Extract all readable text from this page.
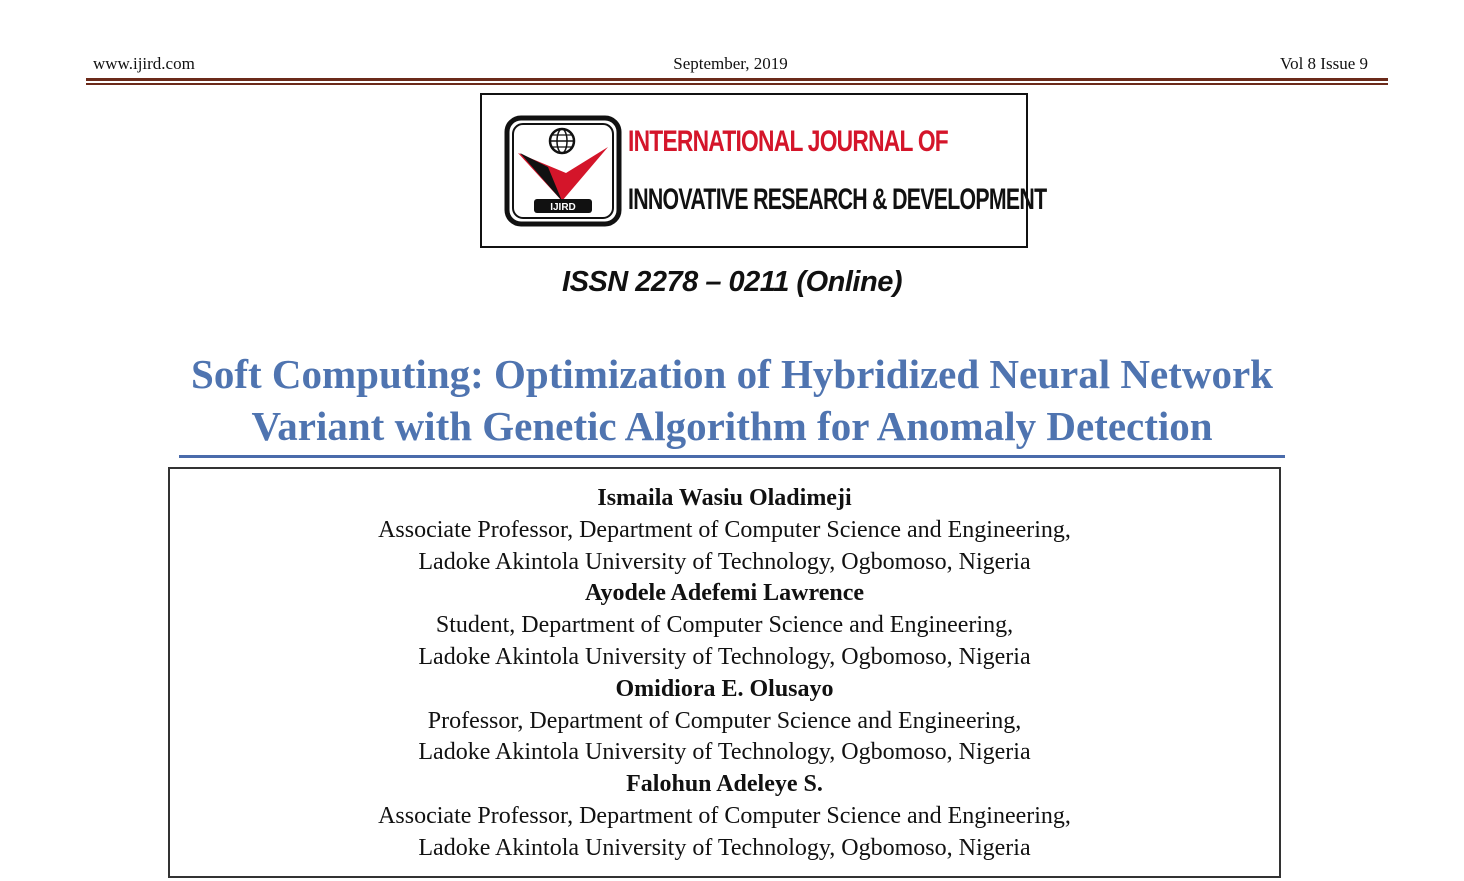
www.ijird.com	September, 2019	Vol 8 Issue 9
IJIRD
INTERNATIONAL JOURNAL OF
INNOVATIVE RESEARCH & DEVELOPMENT
ISSN 2278 – 0211 (Online)
Soft Computing: Optimization of Hybridized Neural Network
Variant with Genetic Algorithm for Anomaly Detection
Ismaila Wasiu Oladimeji
Associate Professor, Department of Computer Science and Engineering,
Ladoke Akintola University of Technology, Ogbomoso, Nigeria
Ayodele Adefemi Lawrence
Student, Department of Computer Science and Engineering,
Ladoke Akintola University of Technology, Ogbomoso, Nigeria
Omidiora E. Olusayo
Professor, Department of Computer Science and Engineering,
Ladoke Akintola University of Technology, Ogbomoso, Nigeria
Falohun Adeleye S.
Associate Professor, Department of Computer Science and Engineering,
Ladoke Akintola University of Technology, Ogbomoso, Nigeria
